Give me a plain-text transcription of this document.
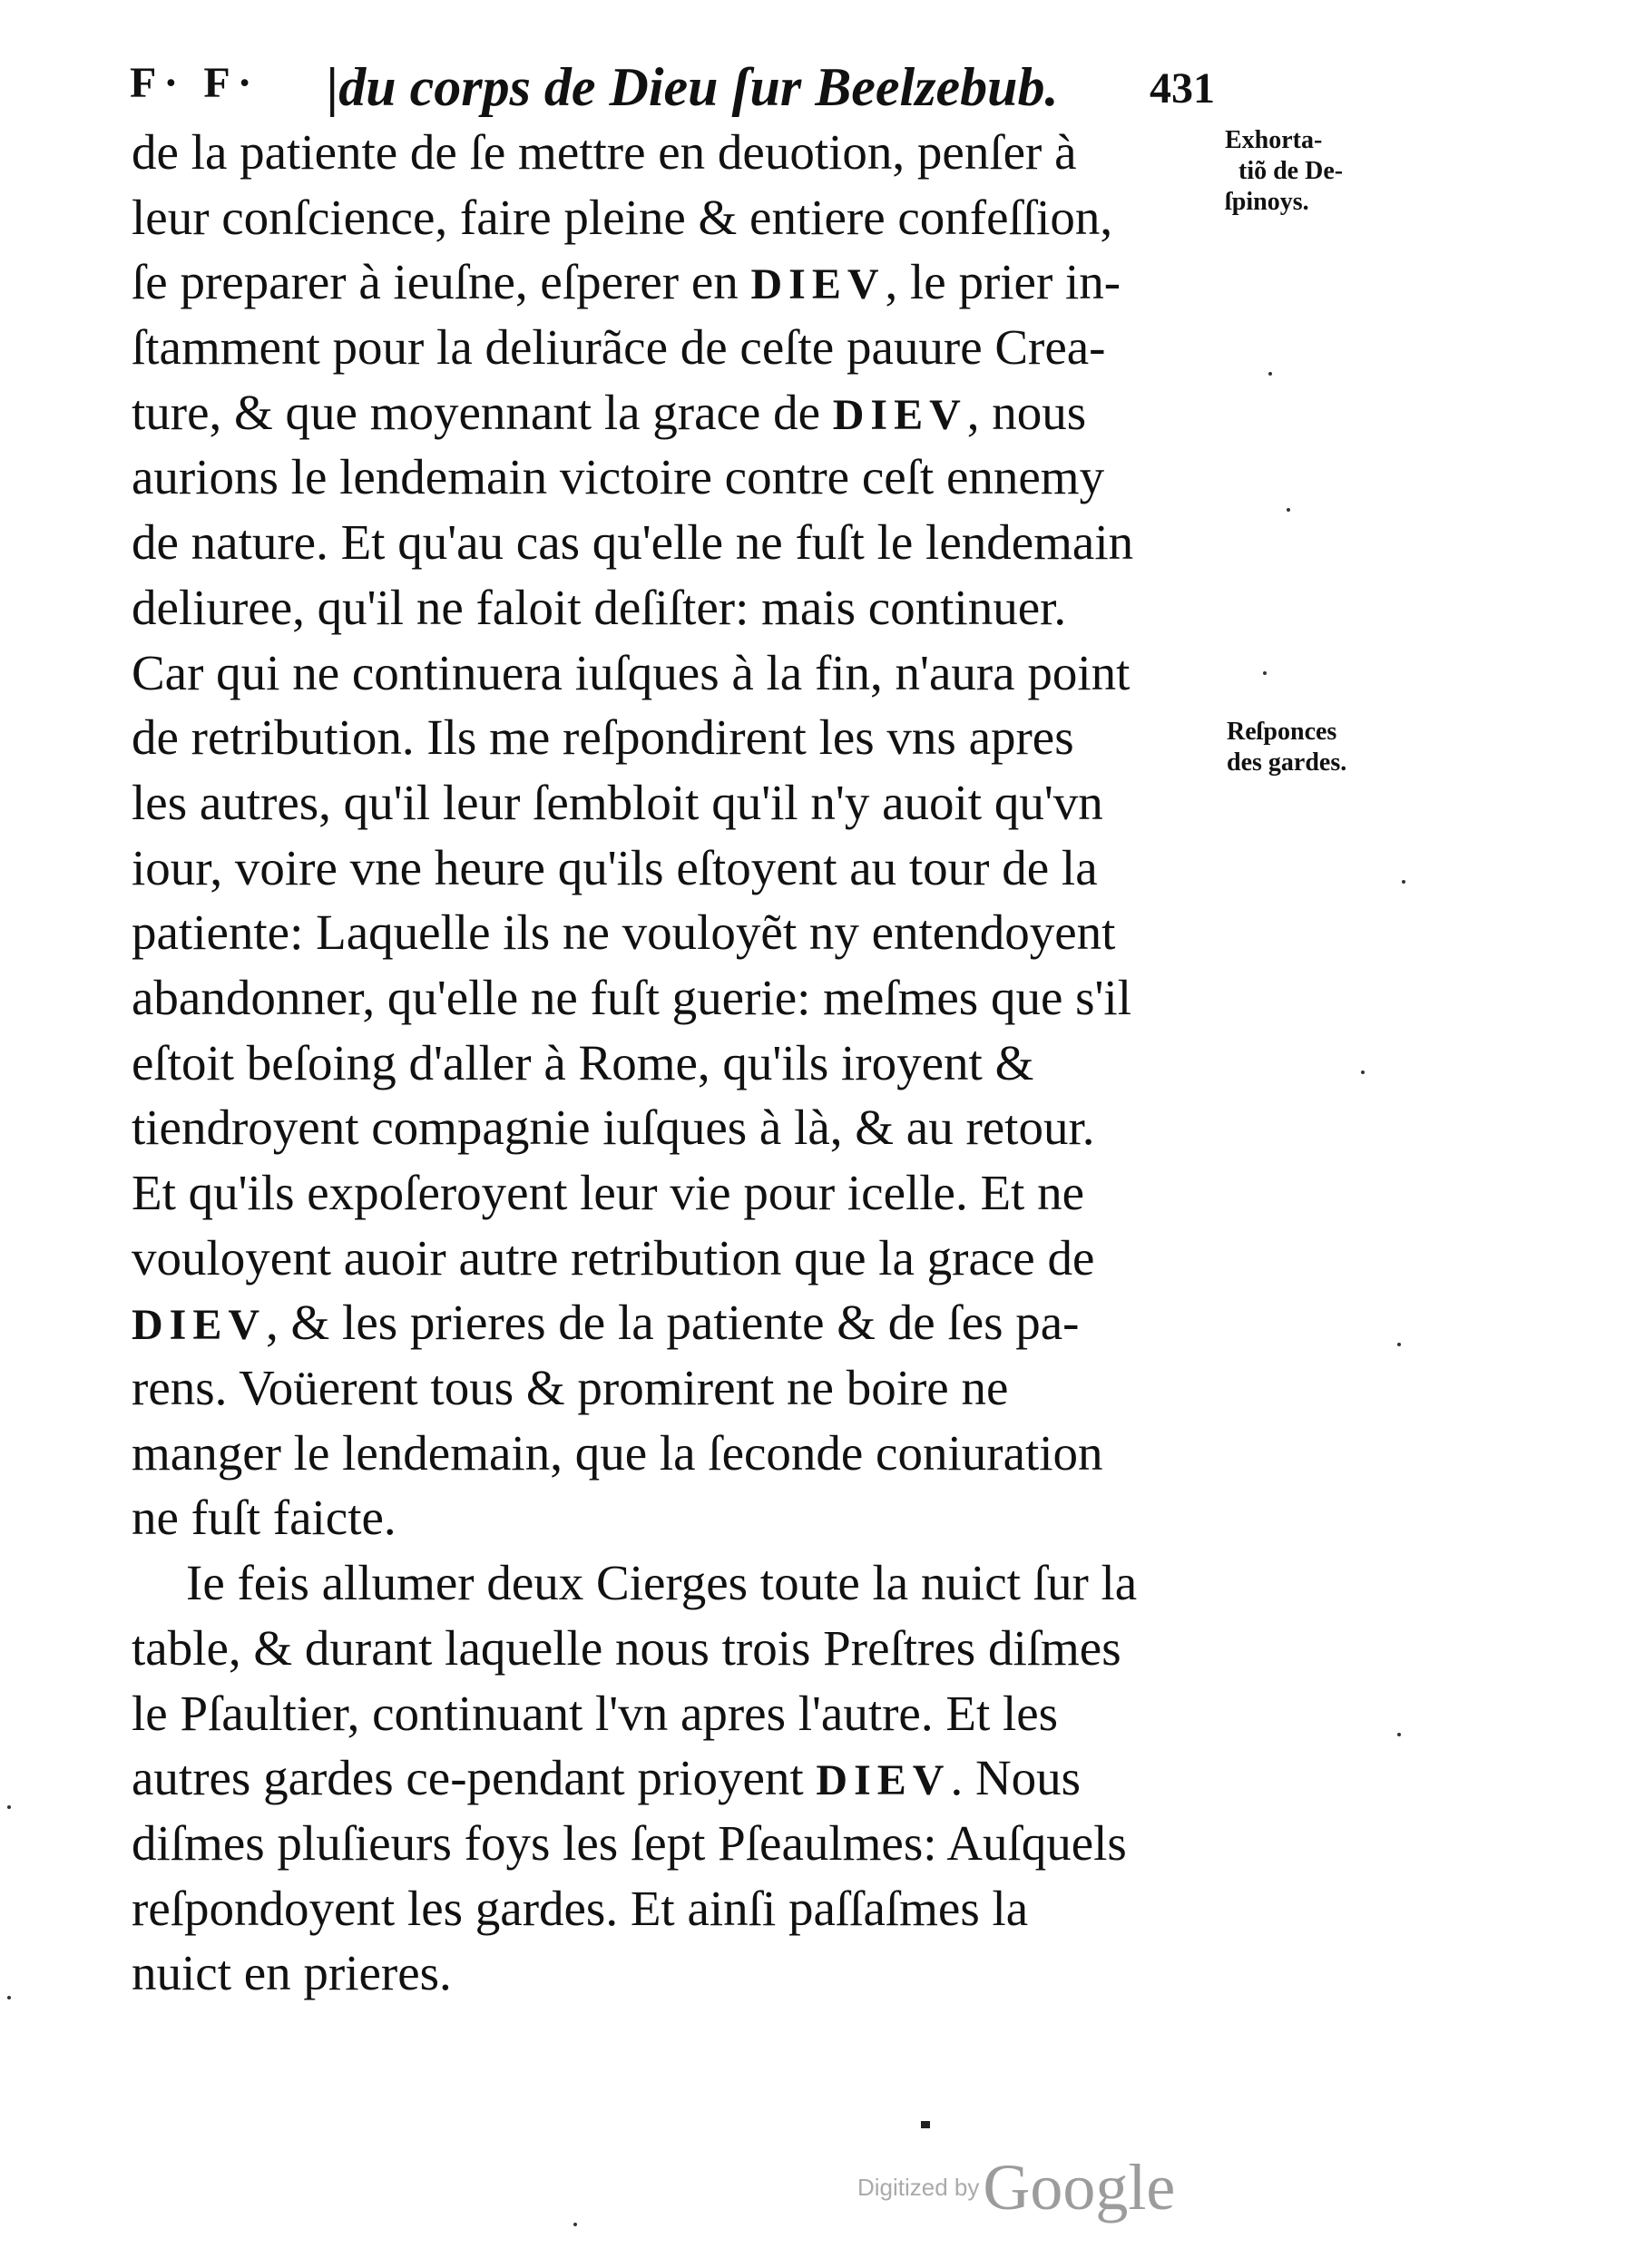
F· F· |du corps de Dieu ſur Beelzebub. 431
de la patiente de ſe mettre en deuotion, penſer à
leur conſcience, faire pleine & entiere confeſſion,
ſe preparer à ieuſne, eſperer en DIEV, le prier in-
ſtamment pour la deliurãce de ceſte pauure Crea-
ture, & que moyennant la grace de DIEV, nous
aurions le lendemain victoire contre ceſt ennemy
de nature. Et qu'au cas qu'elle ne fuſt le lendemain
deliuree, qu'il ne faloit deſiſter: mais continuer.
Car qui ne continuera iuſques à la fin, n'aura point
de retribution. Ils me reſpondirent les vns apres
les autres, qu'il leur ſembloit qu'il n'y auoit qu'vn
iour, voire vne heure qu'ils eſtoyent au tour de la
patiente: Laquelle ils ne vouloyẽt ny entendoyent
abandonner, qu'elle ne fuſt guerie: meſmes que s'il
eſtoit beſoing d'aller à Rome, qu'ils iroyent &
tiendroyent compagnie iuſques à là, & au retour.
Et qu'ils expoſeroyent leur vie pour icelle. Et ne
vouloyent auoir autre retribution que la grace de
DIEV, & les prieres de la patiente & de ſes pa-
rens. Voüerent tous & promirent ne boire ne
manger le lendemain, que la ſeconde coniuration
ne fuſt faicte.
Ie feis allumer deux Cierges toute la nuict ſur la
table, & durant laquelle nous trois Preſtres diſmes
le Pſaultier, continuant l'vn apres l'autre. Et les
autres gardes ce-pendant prioyent DIEV. Nous
diſmes pluſieurs foys les ſept Pſeaulmes: Auſquels
reſpondoyent les gardes. Et ainſi paſſaſmes la
nuict en prieres.
Exhorta-
tiõ de De-
ſpinoys.
Reſponces
des gardes.
Digitized by Google
